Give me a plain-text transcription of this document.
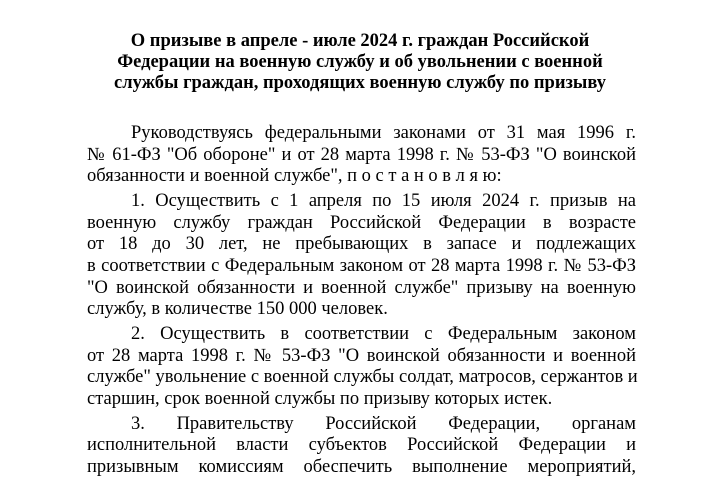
О призыве в апреле - июле 2024 г. граждан Российской
Федерации на военную службу и об увольнении с военной
службы граждан, проходящих военную службу по призыву

Руководствуясь федеральными законами от 31 мая 1996 г.
№ 61-ФЗ "Об обороне" и от 28 марта 1998 г. № 53-ФЗ "О воинской
обязанности и военной службе", п о с т а н о в л я ю:

1. Осуществить с 1 апреля по 15 июля 2024 г. призыв на
военную службу граждан Российской Федерации в возрасте
от 18 до 30 лет, не пребывающих в запасе и подлежащих
в соответствии с Федеральным законом от 28 марта 1998 г. № 53-ФЗ
"О воинской обязанности и военной службе" призыву на военную
службу, в количестве 150 000 человек.

2. Осуществить в соответствии с Федеральным законом
от 28 марта 1998 г. № 53-ФЗ "О воинской обязанности и военной
службе" увольнение с военной службы солдат, матросов, сержантов и
старшин, срок военной службы по призыву которых истек.

3. Правительству Российской Федерации, органам
исполнительной власти субъектов Российской Федерации и
призывным комиссиям обеспечить выполнение мероприятий,
